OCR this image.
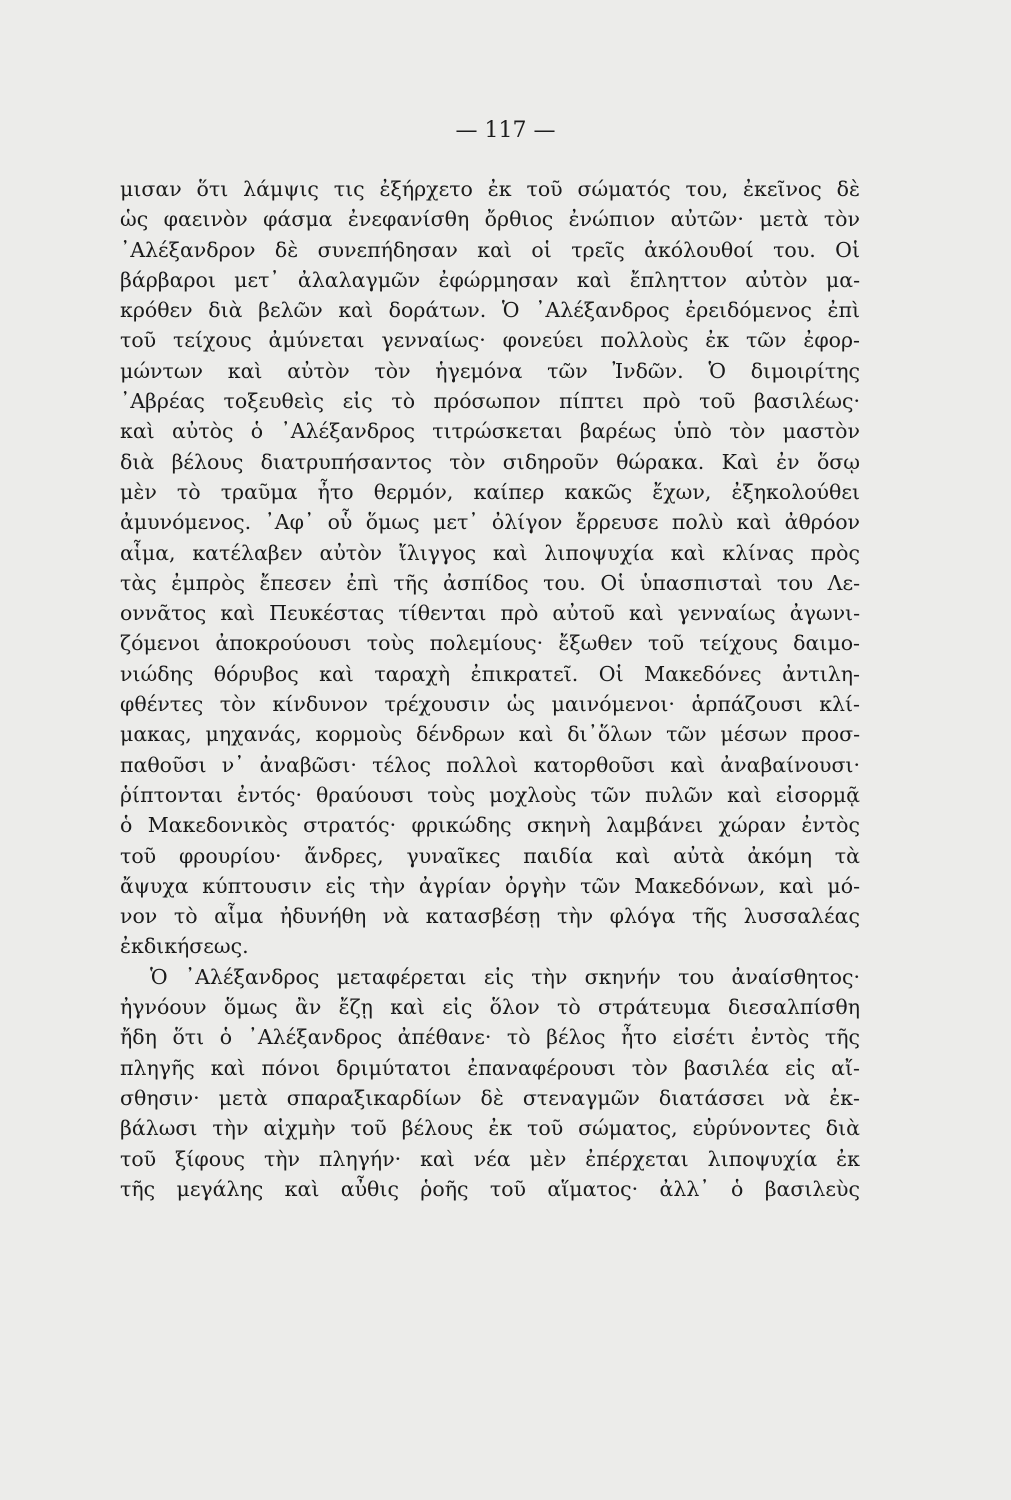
— 117 —
μισαν ὅτι λάμψις τις ἐξήρχετο ἐκ τοῦ σώματός του, ἐκεῖνος δὲ
ὡς φαεινὸν φάσμα ἐνεφανίσθη ὄρθιος ἐνώπιον αὐτῶν· μετὰ τὸν
᾿Αλέξανδρον δὲ συνεπήδησαν καὶ οἱ τρεῖς ἀκόλουθοί του. Οἱ
βάρβαροι μετ᾿ ἀλαλαγμῶν ἐφώρμησαν καὶ ἔπληττον αὐτὸν μα-
κρόθεν διὰ βελῶν καὶ δοράτων. Ὁ ᾿Αλέξανδρος ἐρειδόμενος ἐπὶ
τοῦ τείχους ἀμύνεται γενναίως· φονεύει πολλοὺς ἐκ τῶν ἐφορ-
μώντων καὶ αὐτὸν τὸν ἡγεμόνα τῶν Ἰνδῶν. Ὁ διμοιρίτης
᾿Αβρέας τοξευθεὶς εἰς τὸ πρόσωπον πίπτει πρὸ τοῦ βασιλέως·
καὶ αὐτὸς ὁ ᾿Αλέξανδρος τιτρώσκεται βαρέως ὑπὸ τὸν μαστὸν
διὰ βέλους διατρυπήσαντος τὸν σιδηροῦν θώρακα. Καὶ ἐν ὅσῳ
μὲν τὸ τραῦμα ἦτο θερμόν, καίπερ κακῶς ἔχων, ἐξηκολούθει
ἀμυνόμενος. ᾿Αφ᾿ οὗ ὅμως μετ᾿ ὀλίγον ἔρρευσε πολὺ καὶ ἀθρόον
αἷμα, κατέλαβεν αὐτὸν ἴλιγγος καὶ λιποψυχία καὶ κλίνας πρὸς
τὰς ἐμπρὸς ἔπεσεν ἐπὶ τῆς ἀσπίδος του. Οἱ ὑπασπισταὶ του Λε-
οννᾶτος καὶ Πευκέστας τίθενται πρὸ αὐτοῦ καὶ γενναίως ἀγωνι-
ζόμενοι ἀποκρούουσι τοὺς πολεμίους· ἔξωθεν τοῦ τείχους δαιμο-
νιώδης θόρυβος καὶ ταραχὴ ἐπικρατεῖ. Οἱ Μακεδόνες ἀντιλη-
φθέντες τὸν κίνδυνον τρέχουσιν ὡς μαινόμενοι· ἁρπάζουσι κλί-
μακας, μηχανάς, κορμοὺς δένδρων καὶ δι᾿ὅλων τῶν μέσων προσ-
παθοῦσι ν᾿ ἀναβῶσι· τέλος πολλοὶ κατορθοῦσι καὶ ἀναβαίνουσι·
ῥίπτονται ἐντός· θραύουσι τοὺς μοχλοὺς τῶν πυλῶν καὶ εἰσορμᾷ
ὁ Μακεδονικὸς στρατός· φρικώδης σκηνὴ λαμβάνει χώραν ἐντὸς
τοῦ φρουρίου· ἄνδρες, γυναῖκες παιδία καὶ αὐτὰ ἀκόμη τὰ
ἄψυχα κύπτουσιν εἰς τὴν ἀγρίαν ὀργὴν τῶν Μακεδόνων, καὶ μό-
νον τὸ αἷμα ἠδυνήθη νὰ κατασβέσῃ τὴν φλόγα τῆς λυσσαλέας
ἐκδικήσεως.
Ὁ ᾿Αλέξανδρος μεταφέρεται εἰς τὴν σκηνήν του ἀναίσθητος·
ἠγνόουν ὅμως ἂν ἔζῃ καὶ εἰς ὅλον τὸ στράτευμα διεσαλπίσθη
ἤδη ὅτι ὁ ᾿Αλέξανδρος ἀπέθανε· τὸ βέλος ἦτο εἰσέτι ἐντὸς τῆς
πληγῆς καὶ πόνοι δριμύτατοι ἐπαναφέρουσι τὸν βασιλέα εἰς αἴ-
σθησιν· μετὰ σπαραξικαρδίων δὲ στεναγμῶν διατάσσει νὰ ἐκ-
βάλωσι τὴν αἰχμὴν τοῦ βέλους ἐκ τοῦ σώματος, εὐρύνοντες διὰ
τοῦ ξίφους τὴν πληγήν· καὶ νέα μὲν ἐπέρχεται λιποψυχία ἐκ
τῆς μεγάλης καὶ αὖθις ῥοῆς τοῦ αἵματος· ἀλλ᾿ ὁ βασιλεὺς
